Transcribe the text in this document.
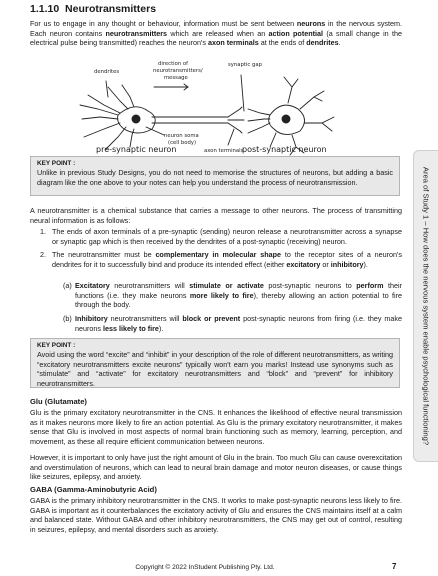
1.1.10 Neurotransmitters

For us to engage in any thought or behaviour, information must be sent between neurons in the nervous system. Each neuron contains neurotransmitters which are released when an action potential (a small change in the electrical pulse being transmitted) reaches the neuron's axon terminals at the ends of dendrites.

dendrites
direction of
neurotransmitters/
message
synaptic gap
neuron soma
(cell body)
axon terminals
pre-synaptic neuron	post-synaptic neuron
KEY POINT :
Unlike in previous Study Designs, you do not need to memorise the structures of neurons, but adding a basic diagram like the one above to your notes can help you understand the process of neurotransmission.

A neurotransmitter is a chemical substance that carries a message to other neurons. The process of transmitting neural information is as follows:

1. The ends of axon terminals of a pre-synaptic (sending) neuron release a neurotransmitter across a synapse or synaptic gap which is then received by the dendrites of a post-synaptic (receiving) neuron.
2. The neurotransmitter must be complementary in molecular shape to the receptor sites of a neuron's dendrites for it to successfully bind and produce its intended effect (either excitatory or inhibitory).
(a) Excitatory neurotransmitters will stimulate or activate post-synaptic neurons to perform their functions (i.e. they make neurons more likely to fire), thereby allowing an action potential to fire through the body.
(b) Inhibitory neurotransmitters will block or prevent post-synaptic neurons from firing (i.e. they make neurons less likely to fire).
KEY POINT :
Avoid using the word “excite” and “inhibit” in your description of the role of different neurotransmitters, as writing “excitatory neurotransmitters excite neurons” typically won't earn you marks! Instead use synonyms such as “stimulate” and “activate” for excitatory neurotransmitters and “block” and “prevent” for inhibitory neurotransmitters.
Glu (Glutamate)

Glu is the primary excitatory neurotransmitter in the CNS. It enhances the likelihood of effective neural transmission as it makes neurons more likely to fire an action potential. As Glu is the primary excitatory neurotransmitter, it makes sense that Glu is involved in most aspects of normal brain functioning such as memory, learning, perception, and movement, as these all require efficient communication between neurons.

However, it is important to only have just the right amount of Glu in the brain. Too much Glu can cause overexcitation and overstimulation of neurons, which can lead to neural brain damage and motor neuron diseases, or cause things like seizures, epilepsy, and anxiety.

GABA (Gamma-Aminobutyric Acid)

GABA is the primary inhibitory neurotransmitter in the CNS. It works to make post-synaptic neurons less likely to fire. GABA is important as it counterbalances the excitatory activity of Glu and ensures the CNS maintains itself at a calm and balanced state. Without GABA and other inhibitory neurotransmitters, the CNS may get out of control, resulting in seizures, epilepsy, and mental disorders such as anxiety.

Copyright © 2022 InStudent Publishing Pty. Ltd.	7
Area of Study 1 – How does the nervous system enable psychological functioning?
